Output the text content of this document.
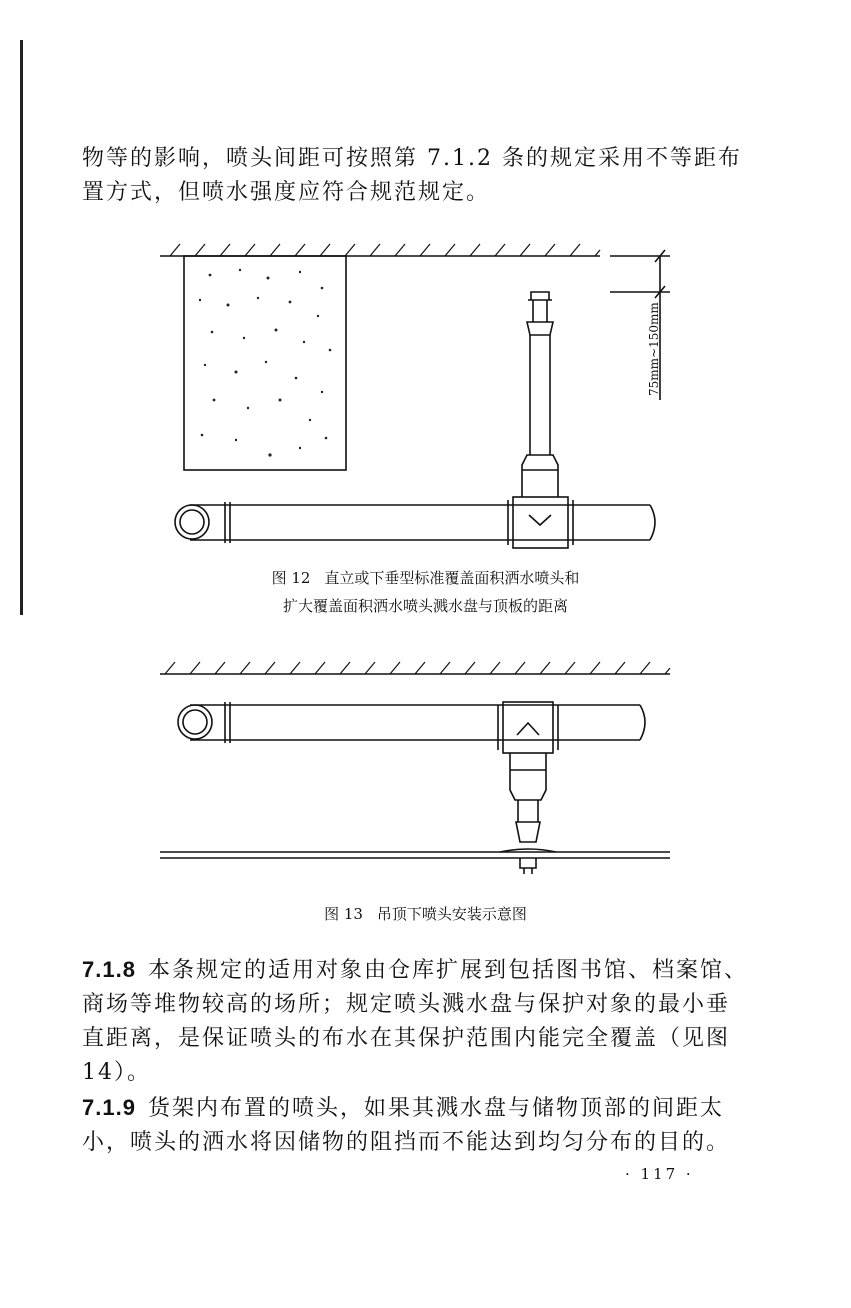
物等的影响，喷头间距可按照第 7.1.2 条的规定采用不等距布置方式，但喷水强度应符合规范规定。

75mm~150mm

图 12 直立或下垂型标准覆盖面积洒水喷头和

扩大覆盖面积洒水喷头溅水盘与顶板的距离

图 13 吊顶下喷头安装示意图

7.1.8 本条规定的适用对象由仓库扩展到包括图书馆、档案馆、商场等堆物较高的场所；规定喷头溅水盘与保护对象的最小垂直距离，是保证喷头的布水在其保护范围内能完全覆盖（见图 14）。

7.1.9 货架内布置的喷头，如果其溅水盘与储物顶部的间距太小，喷头的洒水将因储物的阻挡而不能达到均匀分布的目的。

· 117 ·
